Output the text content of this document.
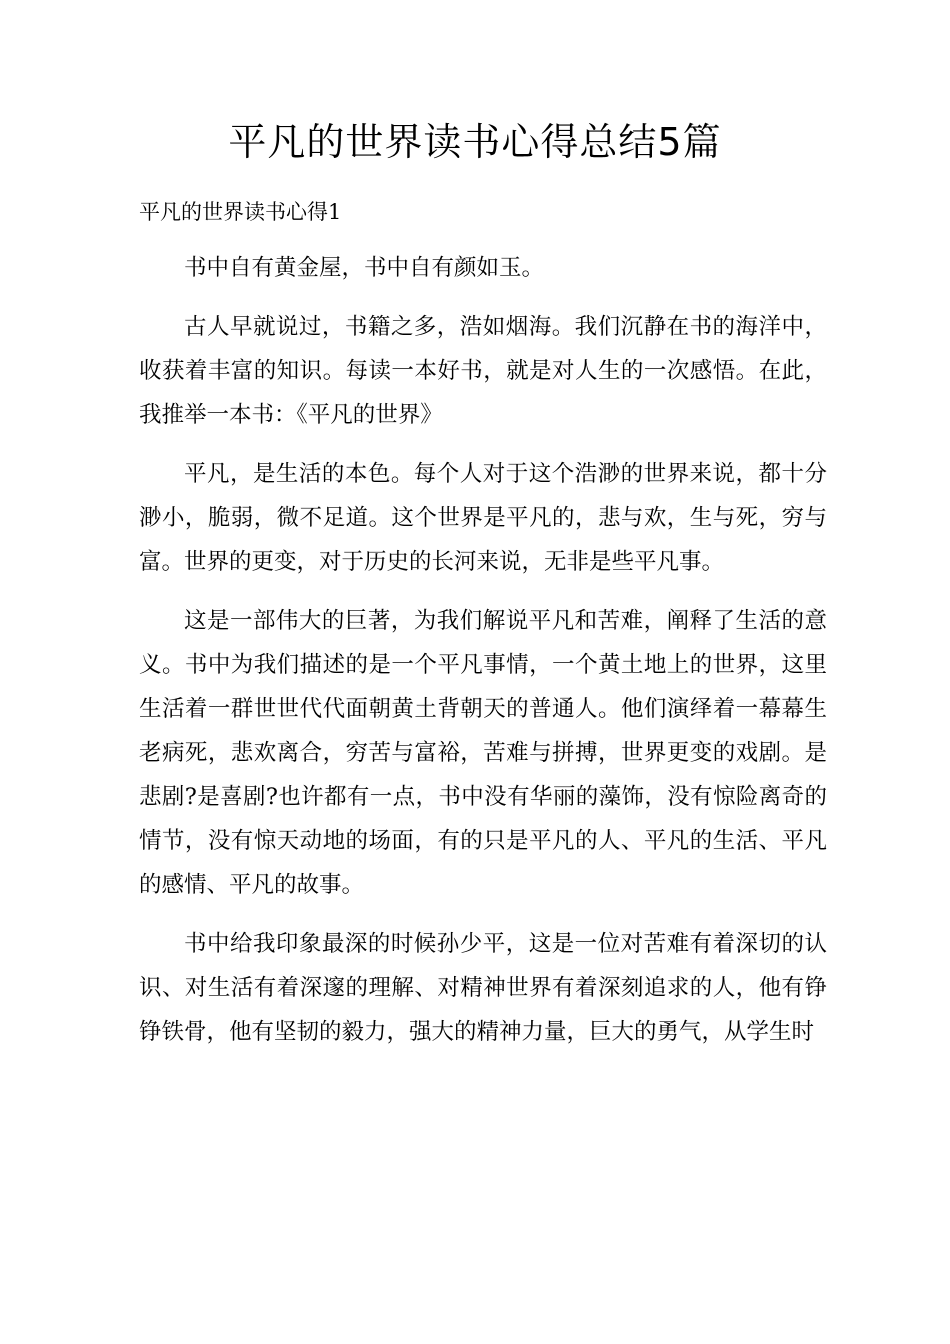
平凡的世界读书心得总结5篇
平凡的世界读书心得1

书中自有黄金屋，书中自有颜如玉。

古人早就说过，书籍之多，浩如烟海。我们沉静在书的海洋中，收获着丰富的知识。每读一本好书，就是对人生的一次感悟。在此，我推举一本书：《平凡的世界》

平凡，是生活的本色。每个人对于这个浩渺的世界来说，都十分渺小，脆弱，微不足道。这个世界是平凡的，悲与欢，生与死，穷与富。世界的更变，对于历史的长河来说，无非是些平凡事。

这是一部伟大的巨著，为我们解说平凡和苦难，阐释了生活的意义。书中为我们描述的是一个平凡事情，一个黄土地上的世界，这里生活着一群世世代代面朝黄土背朝天的普通人。他们演绎着一幕幕生老病死，悲欢离合，穷苦与富裕，苦难与拼搏，世界更变的戏剧。是悲剧?是喜剧?也许都有一点，书中没有华丽的藻饰，没有惊险离奇的情节，没有惊天动地的场面，有的只是平凡的人、平凡的生活、平凡的感情、平凡的故事。

书中给我印象最深的时候孙少平，这是一位对苦难有着深切的认识、对生活有着深邃的理解、对精神世界有着深刻追求的人，他有铮铮铁骨，他有坚韧的毅力，强大的精神力量，巨大的勇气，从学生时
